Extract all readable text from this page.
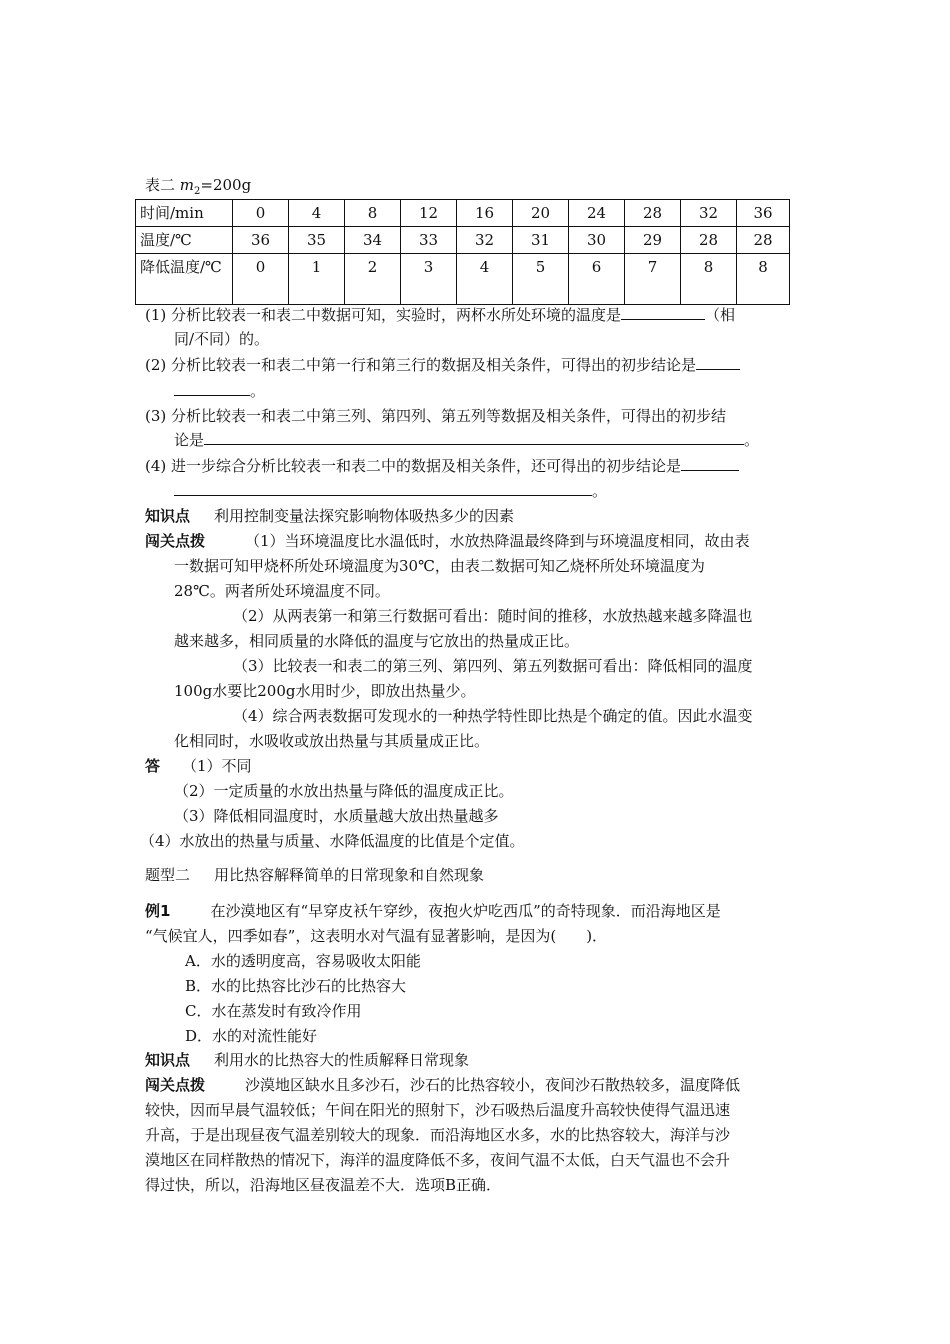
表二 $m_2=200g$
时间/min	0	4	8	12	16	20	24	28	32	36
温度/℃	36	35	34	33	32	31	30	29	28	28
降低温度/℃	0	1	2	3	4	5	6	7	8	8
(1) 分析比较表一和表二中数据可知，实验时，两杯水所处环境的温度是	（相
同/不同）的。
(2) 分析比较表一和表二中第一行和第三行的数据及相关条件，可得出的初步结论是
。
(3) 分析比较表一和表二中第三列、第四列、第五列等数据及相关条件，可得出的初步结
论是	。
(4) 进一步综合分析比较表一和表二中的数据及相关条件，还可得出的初步结论是
。
知识点 利用控制变量法探究影响物体吸热多少的因素
闯关点拨	（1）当环境温度比水温低时，水放热降温最终降到与环境温度相同，故由表
一数据可知甲烧杯所处环境温度为30℃，由表二数据可知乙烧杯所处环境温度为
28℃。两者所处环境温度不同。
（2）从两表第一和第三行数据可看出：随时间的推移，水放热越来越多降温也
越来越多，相同质量的水降低的温度与它放出的热量成正比。
（3）比较表一和表二的第三列、第四列、第五列数据可看出：降低相同的温度
100g水要比200g水用时少，即放出热量少。
（4）综合两表数据可发现水的一种热学特性即比热是个确定的值。因此水温变
化相同时，水吸收或放出热量与其质量成正比。
答 （1）不同
（2）一定质量的水放出热量与降低的温度成正比。
（3）降低相同温度时，水质量越大放出热量越多
（4）水放出的热量与质量、水降低温度的比值是个定值。
题型二 用比热容解释简单的日常现象和自然现象
例1	在沙漠地区有“早穿皮袄午穿纱，夜抱火炉吃西瓜”的奇特现象．而沿海地区是
“气候宜人，四季如春”，这表明水对气温有显著影响，是因为(　　)．
A．水的透明度高，容易吸收太阳能
B．水的比热容比沙石的比热容大
C．水在蒸发时有致冷作用
D．水的对流性能好
知识点 利用水的比热容大的性质解释日常现象
闯关点拨	沙漠地区缺水且多沙石，沙石的比热容较小，夜间沙石散热较多，温度降低
较快，因而早晨气温较低；午间在阳光的照射下，沙石吸热后温度升高较快使得气温迅速
升高，于是出现昼夜气温差别较大的现象．而沿海地区水多，水的比热容较大，海洋与沙
漠地区在同样散热的情况下，海洋的温度降低不多，夜间气温不太低，白天气温也不会升
得过快，所以，沿海地区昼夜温差不大．选项B正确．
